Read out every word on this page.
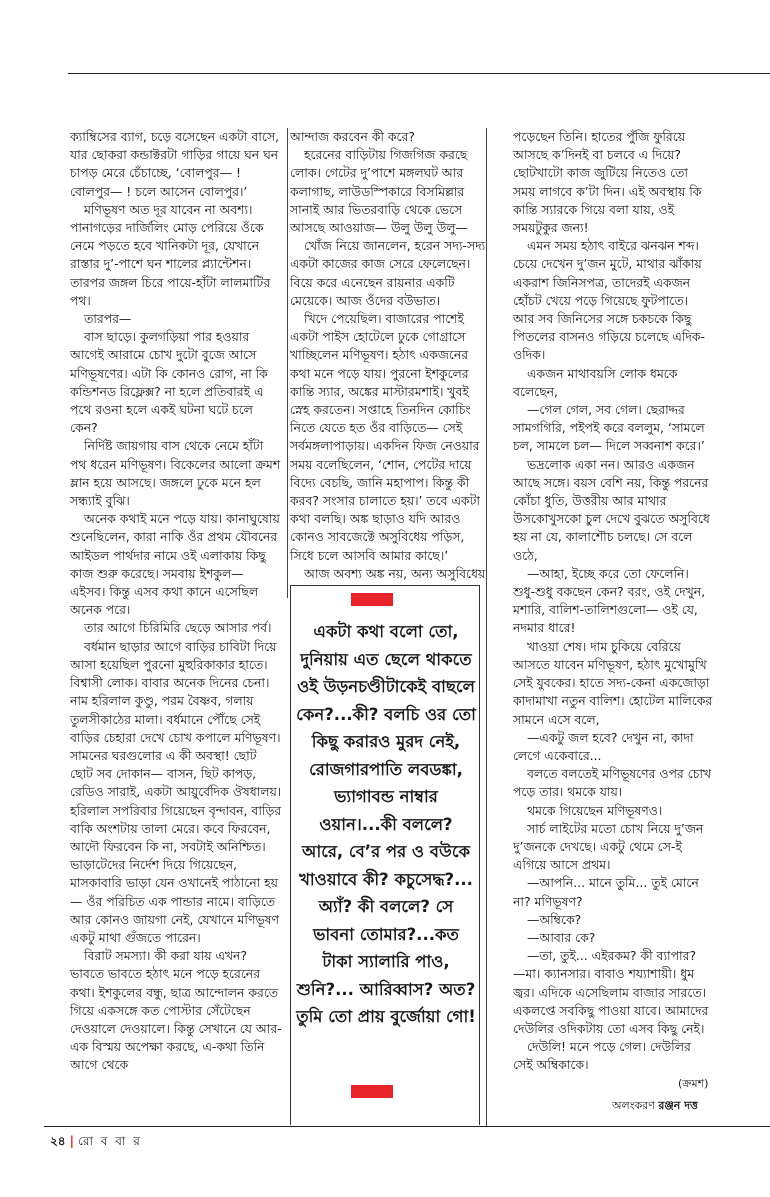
ক্যাম্বিসের ব্যাগ, চড়ে বসেছেন একটা বাসে, যার ছোকরা কন্ডাক্টরটা গাড়ির গায়ে ঘন ঘন চাপড় মেরে চেঁচাচ্ছে, ‘বোলপুর— ! বোলপুর— ! চলে আসেন বোলপুর।’

মণিভূষণ অত দূর যাবেন না অবশ্য। পানাগড়ের দার্জিলিং মোড় পেরিয়ে ওঁকে নেমে পড়তে হবে খানিকটা দূর, যেখানে রাস্তার দু’-পাশে ঘন শালের প্ল্যান্টেশন। তারপর জঙ্গল চিরে পায়ে-হাঁটা লালমাটির পথ।

তারপর—

বাস ছাড়ে। কুলগড়িয়া পার হওয়ার আগেই আরামে চোখ দুটো বুজে আসে মণিভূষণের। এটা কি কোনও রোগ, না কি কন্ডিশনড রিফ্লেক্স? না হলে প্রতিবারই এ পথে রওনা হলে একই ঘটনা ঘটে চলে কেন?

নির্দিষ্ট জায়গায় বাস থেকে নেমে হাঁটা পথ ধরেন মণিভূষণ। বিকেলের আলো ক্রমশ ম্লান হয়ে আসছে। জঙ্গলে ঢুকে মনে হল সন্ধ্যাই বুঝি।

অনেক কথাই মনে পড়ে যায়। কানাঘুষোয় শুনেছিলেন, কারা নাকি ওঁর প্রথম যৌবনের আইডল পার্থদার নামে ওই এলাকায় কিছু কাজ শুরু করেছে। সমবায় ইশকুল— এইসব। কিন্তু এসব কথা কানে এসেছিল অনেক পরে।

তার আগে চিরিমিরি ছেড়ে আসার পর্ব।

বর্ধমান ছাড়ার আগে বাড়ির চাবিটা দিয়ে আসা হয়েছিল পুরনো মুহুরিকাকার হাতে। বিশ্বাসী লোক। বাবার অনেক দিনের চেনা। নাম হরিলাল কুণ্ডু, পরম বৈষ্ণব, গলায় তুলসীকাঠের মালা। বর্ধমানে পৌঁছে সেই বাড়ির চেহারা দেখে চোখ কপালে মণিভূষণ। সামনের ঘরগুলোর এ কী অবস্থা! ছোট ছোট সব দোকান— বাসন, ছিট কাপড়, রেডিও সারাই, একটা আয়ুর্বেদিক ঔষধালয়। হরিলাল সপরিবার গিয়েছেন বৃন্দাবন, বাড়ির বাকি অংশটায় তালা মেরে। কবে ফিরবেন, আদৌ ফিরবেন কি না, সবটাই অনিশ্চিত। ভাড়াটেদের নির্দেশ দিয়ে গিয়েছেন, মাসকাবারি ভাড়া যেন ওখানেই পাঠানো হয়— ওঁর পরিচিত এক পান্ডার নামে। বাড়িতে আর কোনও জায়গা নেই, যেখানে মণিভূষণ একটু মাথা গুঁজতে পারেন।

বিরাট সমস্যা। কী করা যায় এখন? ভাবতে ভাবতে হঠাৎ মনে পড়ে হরেনের কথা। ইশকুলের বন্ধু, ছাত্র আন্দোলন করতে গিয়ে একসঙ্গে কত পোস্টার সেঁটেছেন দেওয়ালে দেওয়ালে। কিন্তু সেখানে যে আর-এক বিস্ময় অপেক্ষা করছে, এ-কথা তিনি আগে থেকে

আন্দাজ করবেন কী করে?

হরেনের বাড়িটায় গিজগিজ করছে লোক। গেটের দু’পাশে মঙ্গলঘট আর কলাগাছ, লাউডস্পিকারে বিসমিল্লার সানাই আর ভিতরবাড়ি থেকে ভেসে আসছে আওয়াজ— উলু উলু উলু—

খোঁজ নিয়ে জানলেন, হরেন সদ্য-সদ্য একটা কাজের কাজ সেরে ফেলেছেন। বিয়ে করে এনেছেন রায়নার একটি মেয়েকে। আজ ওঁদের বউভাত।

খিদে পেয়েছিল। বাজারের পাশেই একটা পাইস হোটেলে ঢুকে গোগ্রাসে খাচ্ছিলেন মণিভূষণ। হঠাৎ একজনের কথা মনে পড়ে যায়। পুরনো ইশকুলের কান্তি স্যার, অঙ্কের মাস্টারমশাই। খুবই স্নেহ করতেন। সপ্তাহে তিনদিন কোচিং নিতে যেতে হত ওঁর বাড়িতে— সেই সর্বমঙ্গলাপাড়ায়। একদিন ফিজ নেওয়ার সময় বলেছিলেন, ‘শোন, পেটের দায়ে বিদ্যে বেচছি, জানি মহাপাপ। কিন্তু কী করব? সংসার চালাতে হয়।’ তবে একটা কথা বলছি। অঙ্ক ছাড়াও যদি আরও কোনও সাবজেক্টে অসুবিধেয় পড়িস, সিধে চলে আসবি আমার কাছে।’

আজ অবশ্য অঙ্ক নয়, অন্য অসুবিধেয়

পড়েছেন তিনি। হাতের পুঁজি ফুরিয়ে আসছে ক’দিনই বা চলবে এ দিয়ে? ছোটখাটো কাজ জুটিয়ে নিতেও তো সময় লাগবে ক’টা দিন। এই অবস্থায় কি কান্তি স্যারকে গিয়ে বলা যায়, ওই সময়টুকুর জন্য!

এমন সময় হঠাৎ বাইরে ঝনঝন শব্দ। চেয়ে দেখেন দু’জন মুটে, মাথার ঝাঁকায় একরাশ জিনিসপত্র, তাদেরই একজন হোঁচট খেয়ে পড়ে গিয়েছে ফুটপাতে। আর সব জিনিসের সঙ্গে চকচকে কিছু পিতলের বাসনও গড়িয়ে চলেছে এদিক-ওদিক।

একজন মাথাবয়সি লোক ধমকে বলেছেন,

—গেল গেল, সব গেল। ছেরাদ্দর সামগগিরি, পইপই করে বললুম, ‘সামলে চল, সামলে চল— দিলে সব্বনাশ করে।’

ভদ্রলোক একা নন। আরও একজন আছে সঙ্গে। বয়স বেশি নয়, কিন্তু পরনের কোঁচা ধুতি, উত্তরীয় আর মাথার উসকোখুসকো চুল দেখে বুঝতে অসুবিধে হয় না যে, কালাশৌচ চলছে। সে বলে ওঠে,

—আহা, ইচ্ছে করে তো ফেলেনি। শুধু-শুধু বকছেন কেন? বরং, ওই দেখুন, মশারি, বালিশ-তালিশগুলো— ওই যে, নদমার ধারে!

খাওয়া শেষ। দাম চুকিয়ে বেরিয়ে আসতে যাবেন মণিভূষণ, হঠাৎ মুখোমুখি সেই যুবকের। হাতে সদ্য-কেনা একজোড়া কাদামাখা নতুন বালিশ। হোটেল মালিকের সামনে এসে বলে,

—একটু জল হবে? দেখুন না, কাদা লেগে একেবারে...

বলতে বলতেই মণিভূষণের ওপর চোখ পড়ে তার। থমকে যায়।

থমকে গিয়েছেন মণিভূষণও।

সার্চ লাইটের মতো চোখ নিয়ে দু’জন দু’জনকে দেখছে। একটু থেমে সে-ই এগিয়ে আসে প্রথম।

—আপনি... মানে তুমি... তুই মোনে না? মণিভূষণ?

—অম্বিকে?

—আবার কে?

—তা, তুই... এইরকম? কী ব্যাপার?

—মা। ক্যানসার। বাবাও শয্যাশায়ী। ধুম জ্বর। এদিকে এসেছিলাম বাজার সারতে। একলপ্তে সবকিছু পাওয়া যাবে। আমাদের দেউলির ওদিকটায় তো এসব কিছু নেই।

দেউলি! মনে পড়ে গেল। দেউলির সেই অম্বিকাকে।

একটা কথা বলো তো, দুনিয়ায় এত ছেলে থাকতে ওই উড়নচণ্ডীটাকেই বাছলে কেন?...কী? বলচি ওর তো কিছু করারও মুরদ নেই, রোজগারপাতি লবডঙ্কা, ভ্যাগাবন্ড নাম্বার ওয়ান।...কী বললে? আরে, বে’র পর ও বউকে খাওয়াবে কী? কচুসেদ্ধ?... অ্যাঁ? কী বললে? সে ভাবনা তোমার?...কত টাকা স্যালারি পাও, শুনি?... আরিব্বাস? অত? তুমি তো প্রায় বুর্জোয়া গো!
(ক্রমশ)
অলংকরণ রঞ্জন দত্ত
২৪ | রো ব বা র
